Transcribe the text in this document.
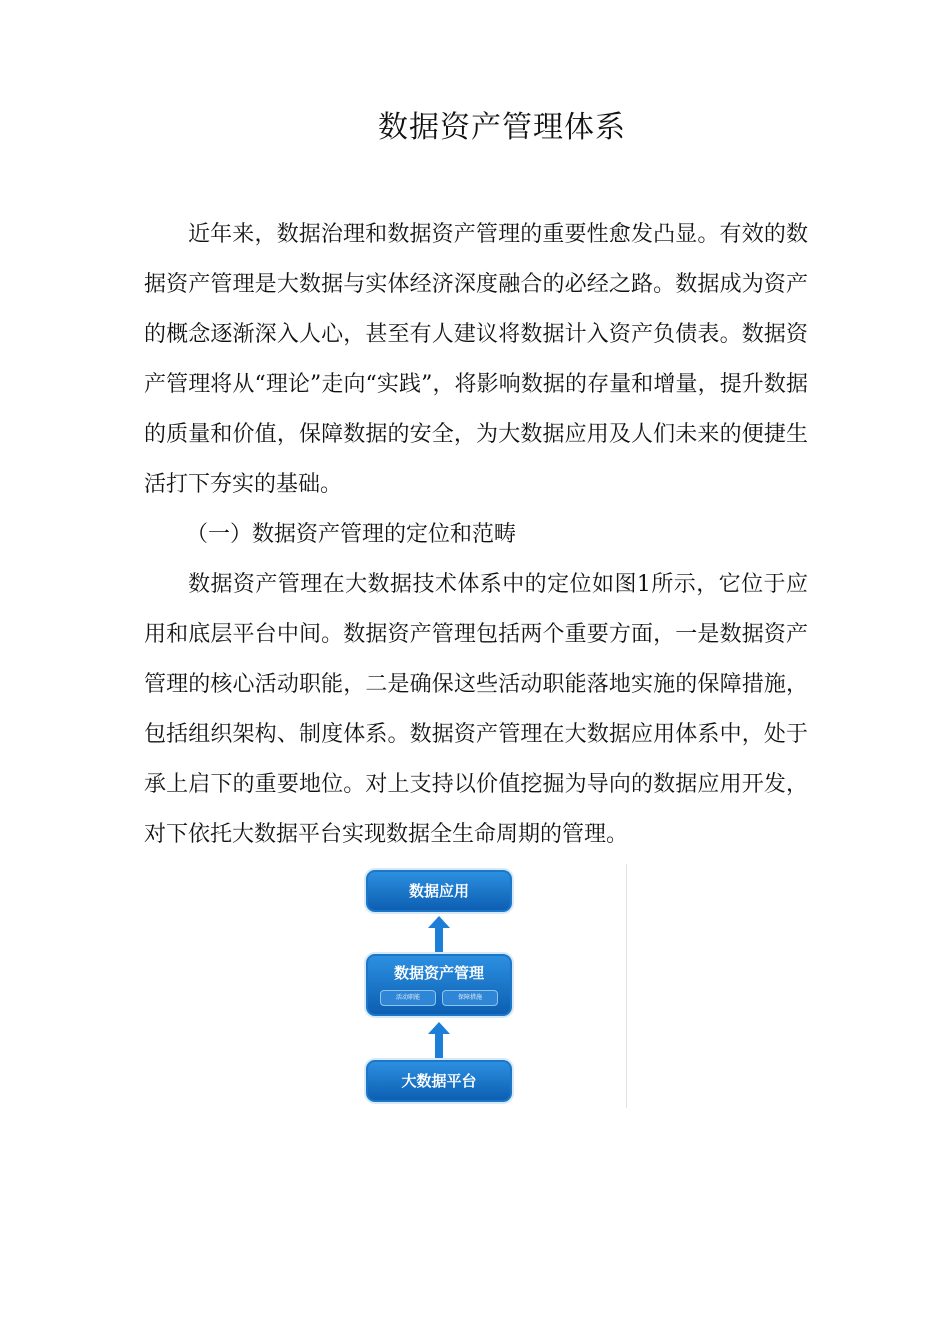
数据资产管理体系

近年来，数据治理和数据资产管理的重要性愈发凸显。有效的数据资产管理是大数据与实体经济深度融合的必经之路。数据成为资产的概念逐渐深入人心，甚至有人建议将数据计入资产负债表。数据资产管理将从“理论”走向“实践”，将影响数据的存量和增量，提升数据的质量和价值，保障数据的安全，为大数据应用及人们未来的便捷生活打下夯实的基础。

（一）数据资产管理的定位和范畴

数据资产管理在大数据技术体系中的定位如图1所示，它位于应用和底层平台中间。数据资产管理包括两个重要方面，一是数据资产管理的核心活动职能，二是确保这些活动职能落地实施的保障措施，包括组织架构、制度体系。数据资产管理在大数据应用体系中，处于承上启下的重要地位。对上支持以价值挖掘为导向的数据应用开发，对下依托大数据平台实现数据全生命周期的管理。

数据应用
数据资产管理
活动职能	保障措施
大数据平台
